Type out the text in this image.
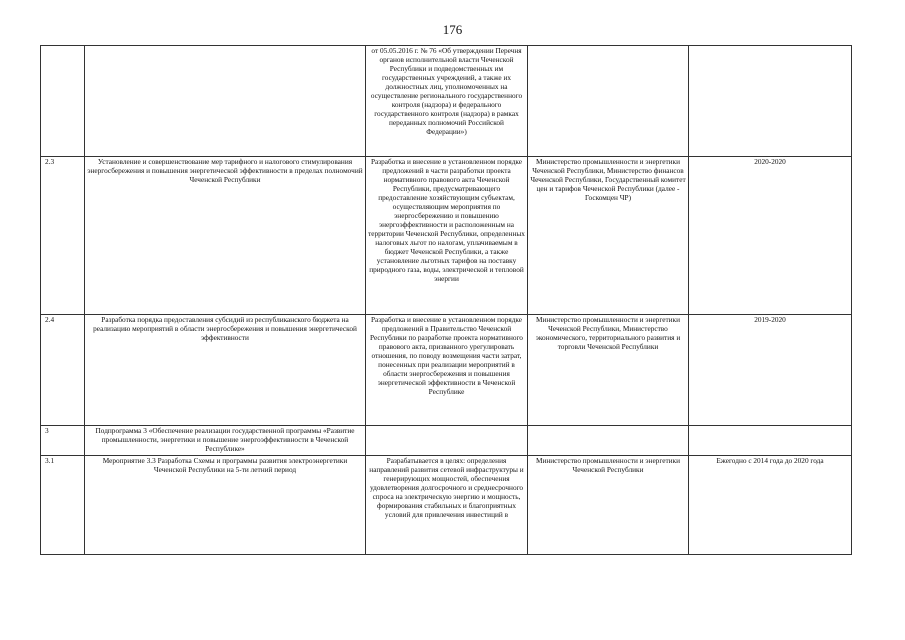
176
		от 05.05.2016 г. № 76 «Об утверждении Перечня органов исполнительной власти Чеченской Республики и подведомственных им государственных учреждений, а также их должностных лиц, уполномоченных на осуществление регионального государственного контроля (надзора) и федерального государственного контроля (надзора) в рамках переданных полномочий Российской Федерации»)		
2.3	Установление и совершенствование мер тарифного и налогового стимулирования энергосбережения и повышения энергетической эффективности в пределах полномочий Чеченской Республики	Разработка и внесение в установленном порядке предложений в части разработки проекта нормативного правового акта Чеченской Республики, предусматривающего предоставление хозяйствующим субъектам, осуществляющим мероприятия по энергосбережению и повышению энергоэффективности и расположенным на территории Чеченской Республики, определенных налоговых льгот по налогам, уплачиваемым в бюджет Чеченской Республики, а также установление льготных тарифов на поставку природного газа, воды, электрической и тепловой энергии	Министерство промышленности и энергетики Чеченской Республики, Министерство финансов Чеченской Республики, Государственный комитет цен и тарифов Чеченской Республики (далее - Госкомцен ЧР)	2020-2020
2.4	Разработка порядка предоставления субсидий из республиканского бюджета на реализацию мероприятий в области энергосбережения и повышения энергетической эффективности	Разработка и внесение в установленном порядке предложений в Правительство Чеченской Республики по разработке проекта нормативного правового акта, призванного урегулировать отношения, по поводу возмещения части затрат, понесенных при реализации мероприятий в области энергосбережения и повышения энергетической эффективности в Чеченской Республике	Министерство промышленности и энергетики Чеченской Республики, Министерство экономического, территориального развития и торговли Чеченской Республики	2019-2020
3	Подпрограмма 3 «Обеспечение реализации государственной программы «Развитие промышленности, энергетики и повышение энергоэффективности в Чеченской Республике»			
3.1	Мероприятие 3.3 Разработка Схемы и программы развития электроэнергетики Чеченской Республики на 5-ти летний период	Разрабатывается в целях: определения направлений развития сетевой инфраструктуры и генерирующих мощностей, обеспечения удовлетворения долгосрочного и среднесрочного спроса на электрическую энергию и мощность, формирования стабильных и благоприятных условий для привлечения инвестиций в	Министерство промышленности и энергетики Чеченской Республики	Ежегодно с 2014 года до 2020 года
